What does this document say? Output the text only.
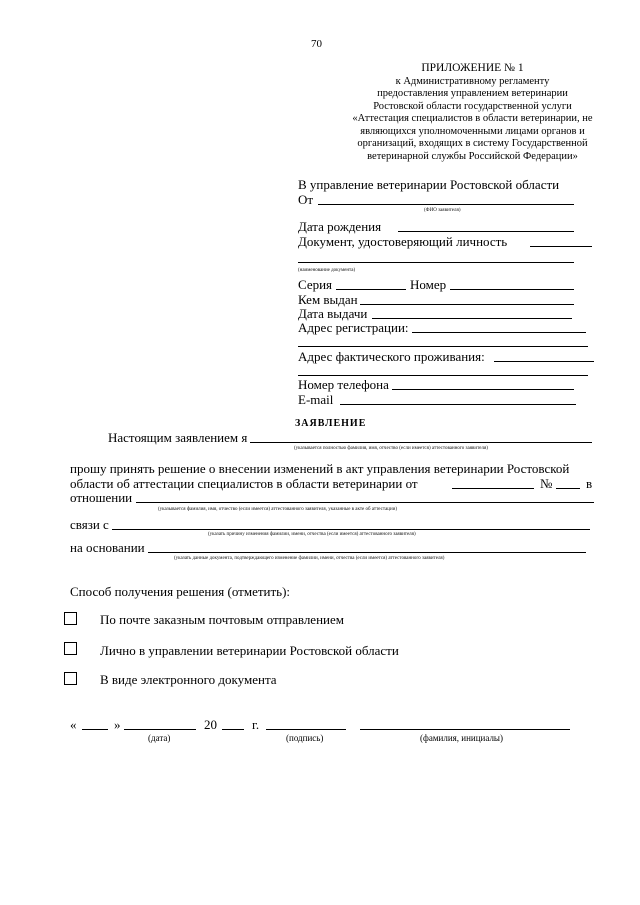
70
ПРИЛОЖЕНИЕ № 1
к Административному регламенту
предоставления управлением ветеринарии
Ростовской области государственной услуги
«Аттестация специалистов в области ветеринарии, не
являющихся уполномоченными лицами органов и
организаций, входящих в систему Государственной
ветеринарной службы Российской Федерации»
В управление ветеринарии Ростовской области
От
(ФИО заявителя)
Дата рождения
Документ, удостоверяющий личность
(наименование документа)
Серия	Номер
Кем выдан
Дата выдачи
Адрес регистрации:
Адрес фактического проживания:
Номер телефона
E-mail
ЗАЯВЛЕНИЕ
Настоящим заявлением я
(указывается полностью фамилия, имя, отчество (если имеется) аттестованного заявителя)
прошу принять решение о внесении изменений в акт управления ветеринарии Ростовской
области об аттестации специалистов в области ветеринарии от	№	в
отношении
(указывается фамилия, имя, отчество (если имеется) аттестованного заявителя, указанные в акте об аттестации)
связи с
(указать причину изменения фамилии, имени, отчества (если имеется) аттестованного заявителя)
на основании
(указать данные документа, подтверждающего изменение фамилии, имени, отчества (если имеется) аттестованного заявителя)
Способ получения решения (отметить):
По почте заказным почтовым отправлением
Лично в управлении ветеринарии Ростовской области
В виде электронного документа
«	»	20	г.
(дата)	(подпись)	(фамилия, инициалы)
